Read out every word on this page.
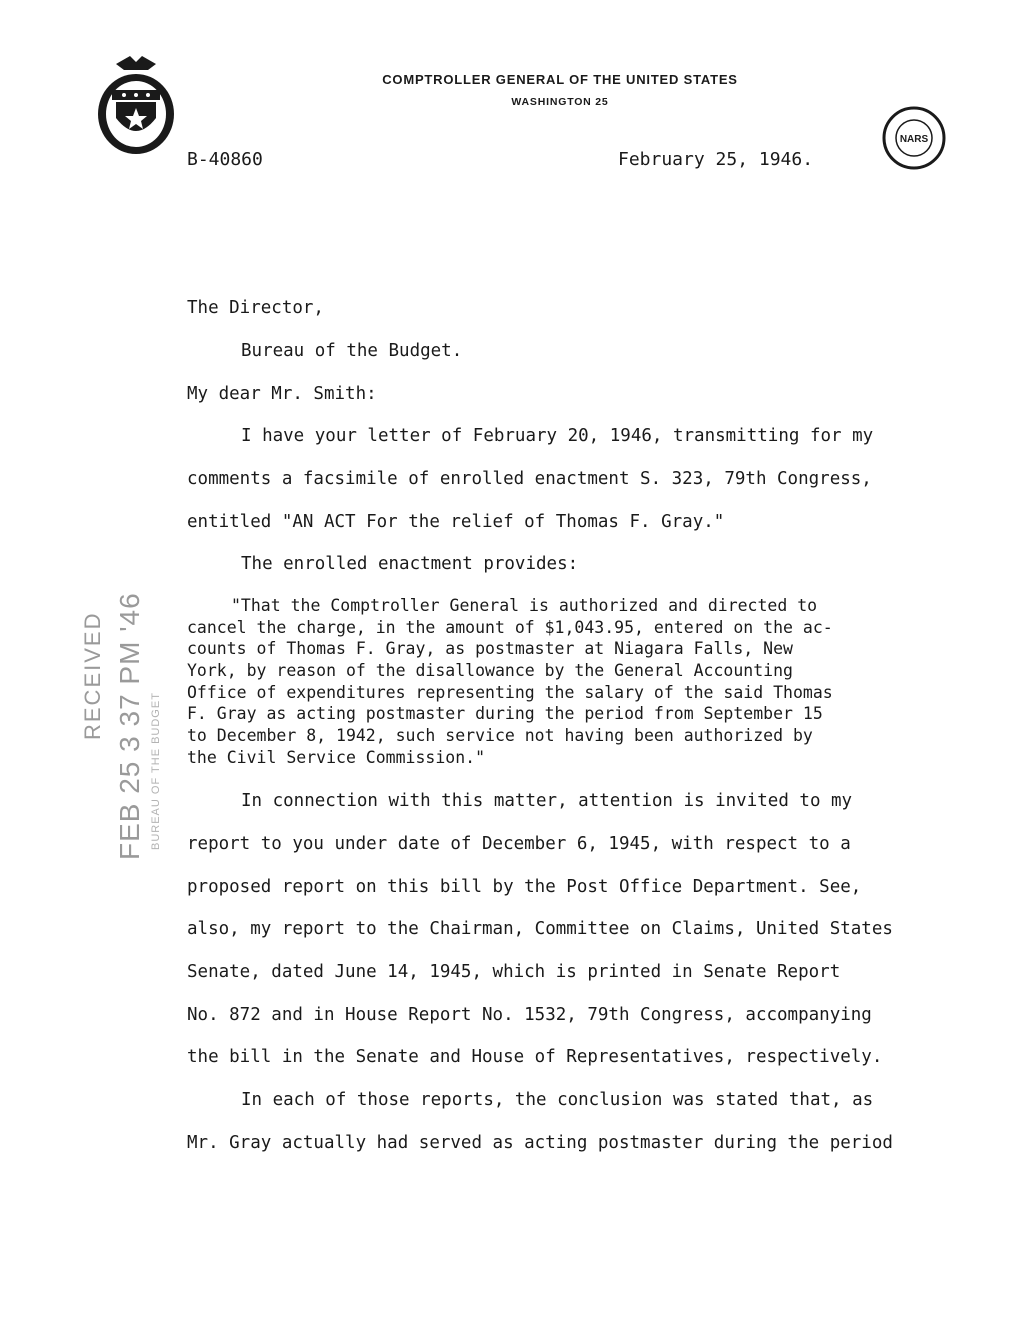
COMPTROLLER GENERAL OF THE UNITED STATES
WASHINGTON 25
NARS
B-40860	February 25, 1946.
RECEIVED FEB 25 3 37 PM '46 BUREAU OF THE BUDGET
The Director,
Bureau of the Budget.
My dear Mr. Smith:
I have your letter of February 20, 1946, transmitting for my
comments a facsimile of enrolled enactment S. 323, 79th Congress,
entitled "AN ACT For the relief of Thomas F. Gray."
The enrolled enactment provides:
"That the Comptroller General is authorized and directed to
cancel the charge, in the amount of $1,043.95, entered on the ac-
counts of Thomas F. Gray, as postmaster at Niagara Falls, New
York, by reason of the disallowance by the General Accounting
Office of expenditures representing the salary of the said Thomas
F. Gray as acting postmaster during the period from September 15
to December 8, 1942, such service not having been authorized by
the Civil Service Commission."
In connection with this matter, attention is invited to my
report to you under date of December 6, 1945, with respect to a
proposed report on this bill by the Post Office Department. See,
also, my report to the Chairman, Committee on Claims, United States
Senate, dated June 14, 1945, which is printed in Senate Report
No. 872 and in House Report No. 1532, 79th Congress, accompanying
the bill in the Senate and House of Representatives, respectively.
In each of those reports, the conclusion was stated that, as
Mr. Gray actually had served as acting postmaster during the period
